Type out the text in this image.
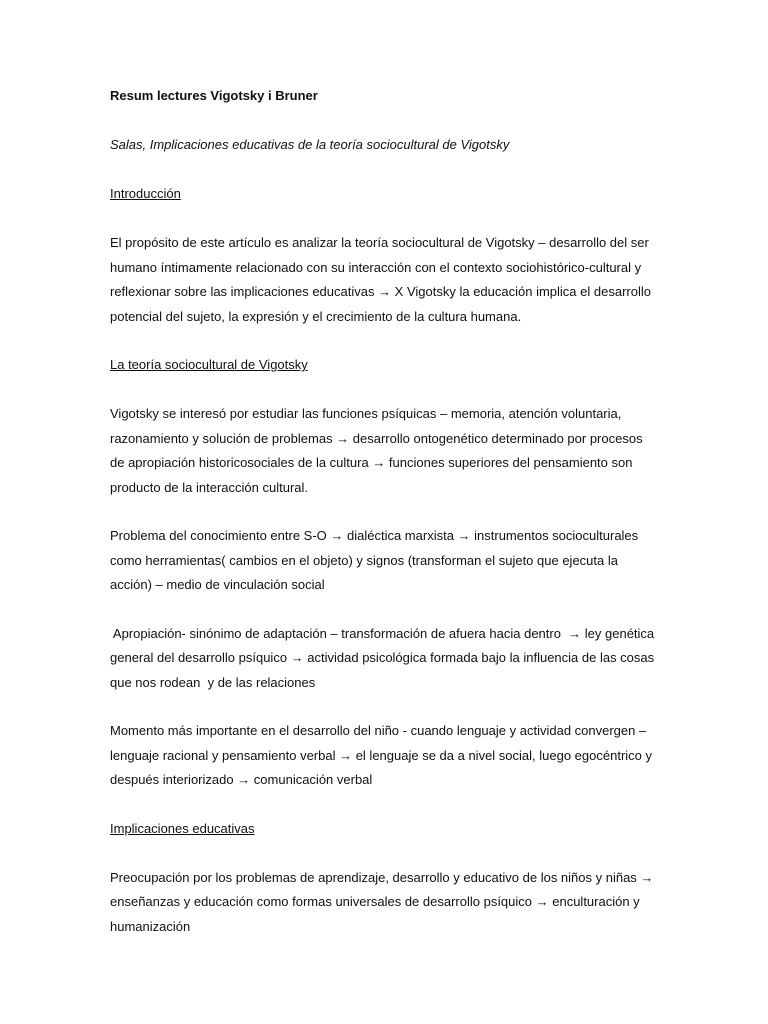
Resum lectures Vigotsky i Bruner
Salas, Implicaciones educativas de la teoría sociocultural de Vigotsky
Introducción
El propósito de este artículo es analizar la teoría sociocultural de Vigotsky – desarrollo del ser
humano íntimamente relacionado con su interacción con el contexto sociohistórico-cultural y
reflexionar sobre las implicaciones educativas → X Vigotsky la educación implica el desarrollo
potencial del sujeto, la expresión y el crecimiento de la cultura humana.
La teoría sociocultural de Vigotsky
Vigotsky se interesó por estudiar las funciones psíquicas – memoria, atención voluntaria,
razonamiento y solución de problemas → desarrollo ontogenético determinado por procesos
de apropiación historicosociales de la cultura → funciones superiores del pensamiento son
producto de la interacción cultural.
Problema del conocimiento entre S-O → dialéctica marxista → instrumentos socioculturales
como herramientas( cambios en el objeto) y signos (transforman el sujeto que ejecuta la
acción) – medio de vinculación social
Apropiación- sinónimo de adaptación – transformación de afuera hacia dentro  → ley genética
general del desarrollo psíquico → actividad psicológica formada bajo la influencia de las cosas
que nos rodean  y de las relaciones
Momento más importante en el desarrollo del niño - cuando lenguaje y actividad convergen –
lenguaje racional y pensamiento verbal → el lenguaje se da a nivel social, luego egocéntrico y
después interiorizado → comunicación verbal
Implicaciones educativas
Preocupación por los problemas de aprendizaje, desarrollo y educativo de los niños y niñas →
enseñanzas y educación como formas universales de desarrollo psíquico → enculturación y
humanización
